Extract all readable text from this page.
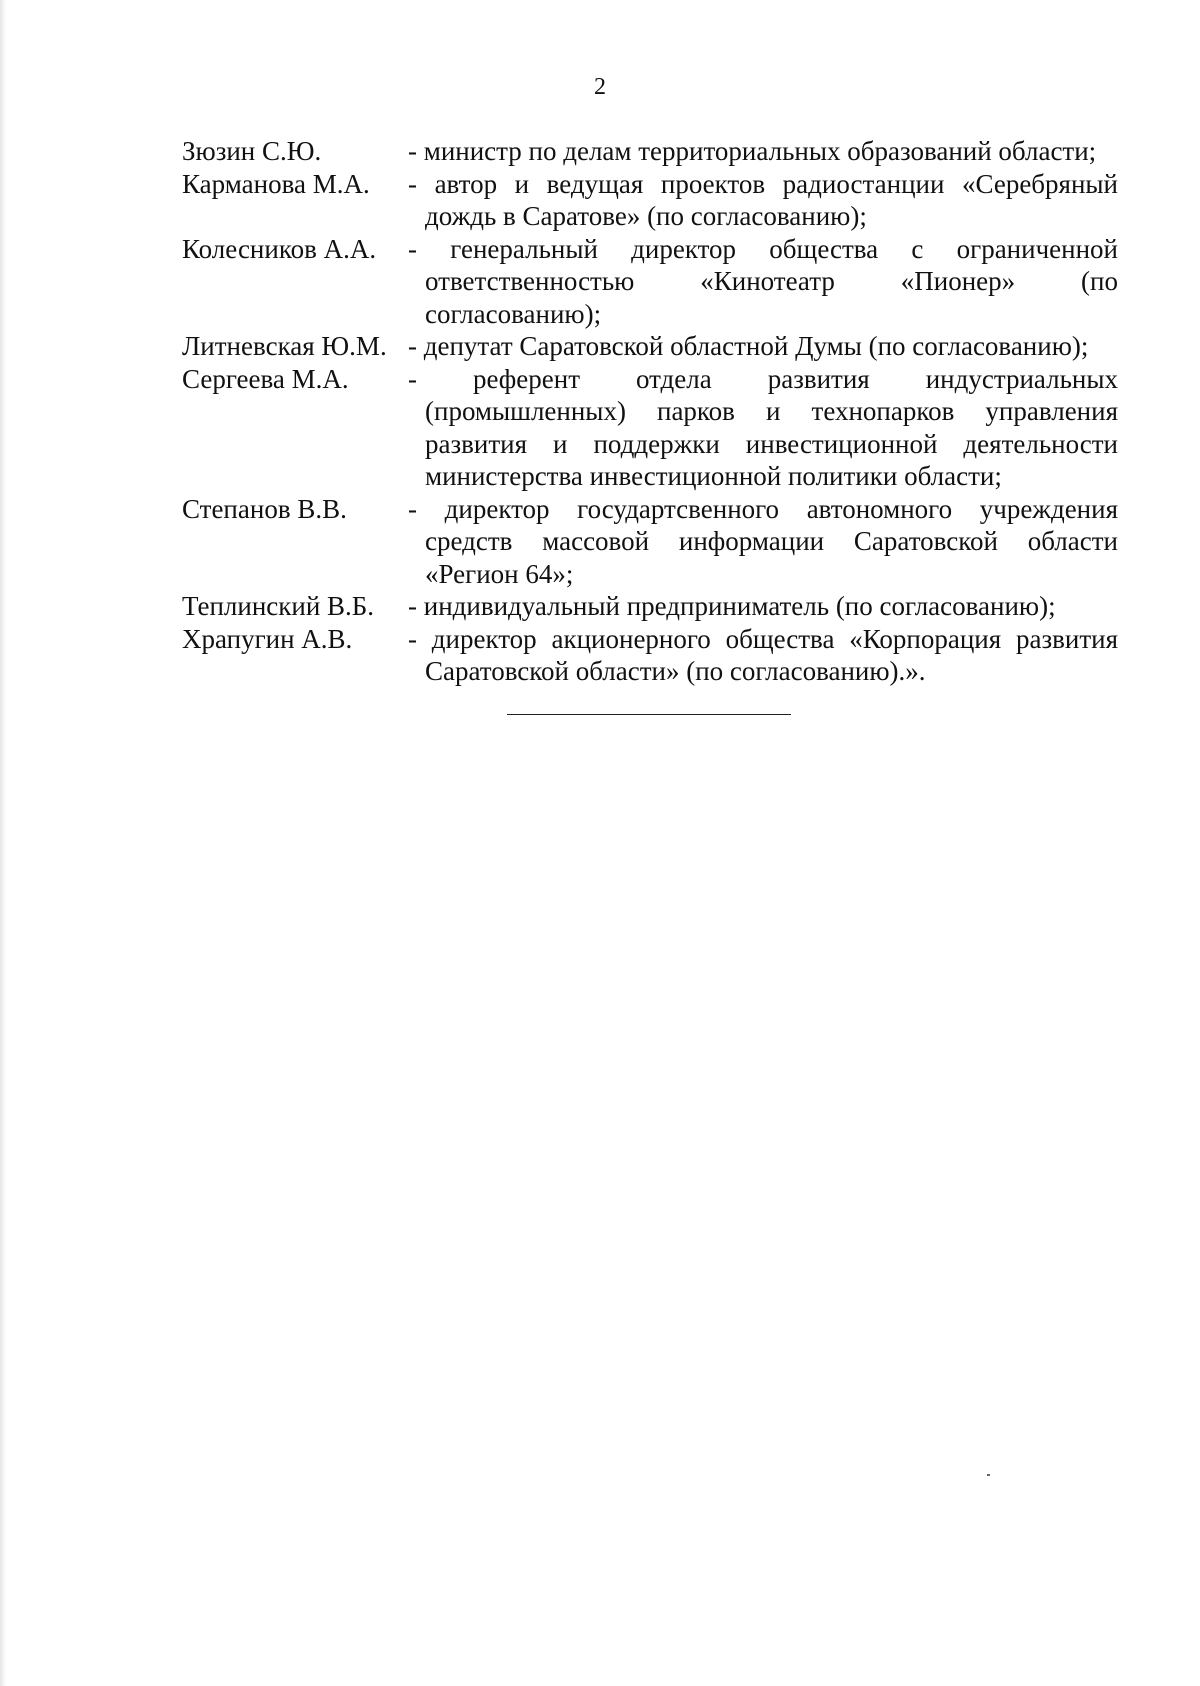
2
Зюзин С.Ю.	- министр по делам территориальных образований области;
Карманова М.А.	- автор и ведущая проектов радиостанции «Серебряный дождь в Саратове» (по согласованию);
Колесников А.А.	- генеральный директор общества с ограниченной ответственностью «Кинотеатр «Пионер» (по согласованию);
Литневская Ю.М. - депутат Саратовской областной Думы (по согласованию);
Сергеева М.А.	- референт отдела развития индустриальных (промышленных) парков и технопарков управления развития и поддержки инвестиционной деятельности министерства инвестиционной политики области;
Степанов В.В.	- директор государтсвенного автономного учреждения средств массовой информации Саратовской области «Регион 64»;
Теплинский В.Б.	- индивидуальный предприниматель (по согласованию);
Храпугин А.В.	- директор акционерного общества «Корпорация развития Саратовской области» (по согласованию).».
